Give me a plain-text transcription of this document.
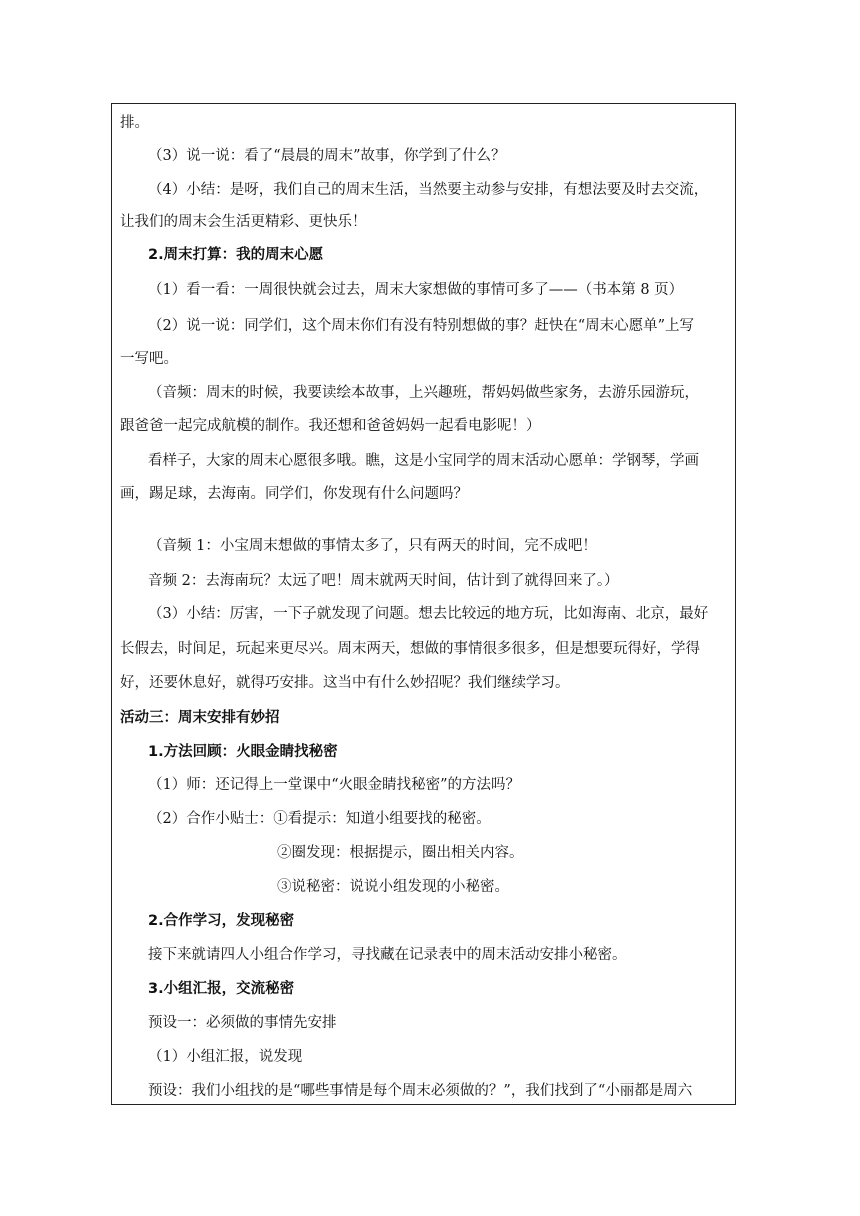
排。
（3）说一说：看了“晨晨的周末”故事，你学到了什么？
（4）小结：是呀，我们自己的周末生活，当然要主动参与安排，有想法要及时去交流，
让我们的周末会生活更精彩、更快乐！
2.周末打算：我的周末心愿
（1）看一看：一周很快就会过去，周末大家想做的事情可多了——（书本第 8 页）
（2）说一说：同学们，这个周末你们有没有特别想做的事？赶快在“周末心愿单”上写
一写吧。
（音频：周末的时候，我要读绘本故事，上兴趣班，帮妈妈做些家务，去游乐园游玩，
跟爸爸一起完成航模的制作。我还想和爸爸妈妈一起看电影呢！）
看样子，大家的周末心愿很多哦。瞧，这是小宝同学的周末活动心愿单：学钢琴，学画
画，踢足球，去海南。同学们，你发现有什么问题吗？
（音频 1：小宝周末想做的事情太多了，只有两天的时间，完不成吧！
音频 2：去海南玩？太远了吧！周末就两天时间，估计到了就得回来了。）
（3）小结：厉害，一下子就发现了问题。想去比较远的地方玩，比如海南、北京，最好
长假去，时间足，玩起来更尽兴。周末两天，想做的事情很多很多，但是想要玩得好，学得
好，还要休息好，就得巧安排。这当中有什么妙招呢？我们继续学习。
活动三：周末安排有妙招
1.方法回顾：火眼金睛找秘密
（1）师：还记得上一堂课中“火眼金睛找秘密”的方法吗？
（2）合作小贴士：①看提示：知道小组要找的秘密。
②圈发现：根据提示，圈出相关内容。
③说秘密：说说小组发现的小秘密。
2.合作学习，发现秘密
接下来就请四人小组合作学习，寻找藏在记录表中的周末活动安排小秘密。
3.小组汇报，交流秘密
预设一：必须做的事情先安排
（1）小组汇报，说发现
预设：我们小组找的是“哪些事情是每个周末必须做的？”，我们找到了“小丽都是周六
